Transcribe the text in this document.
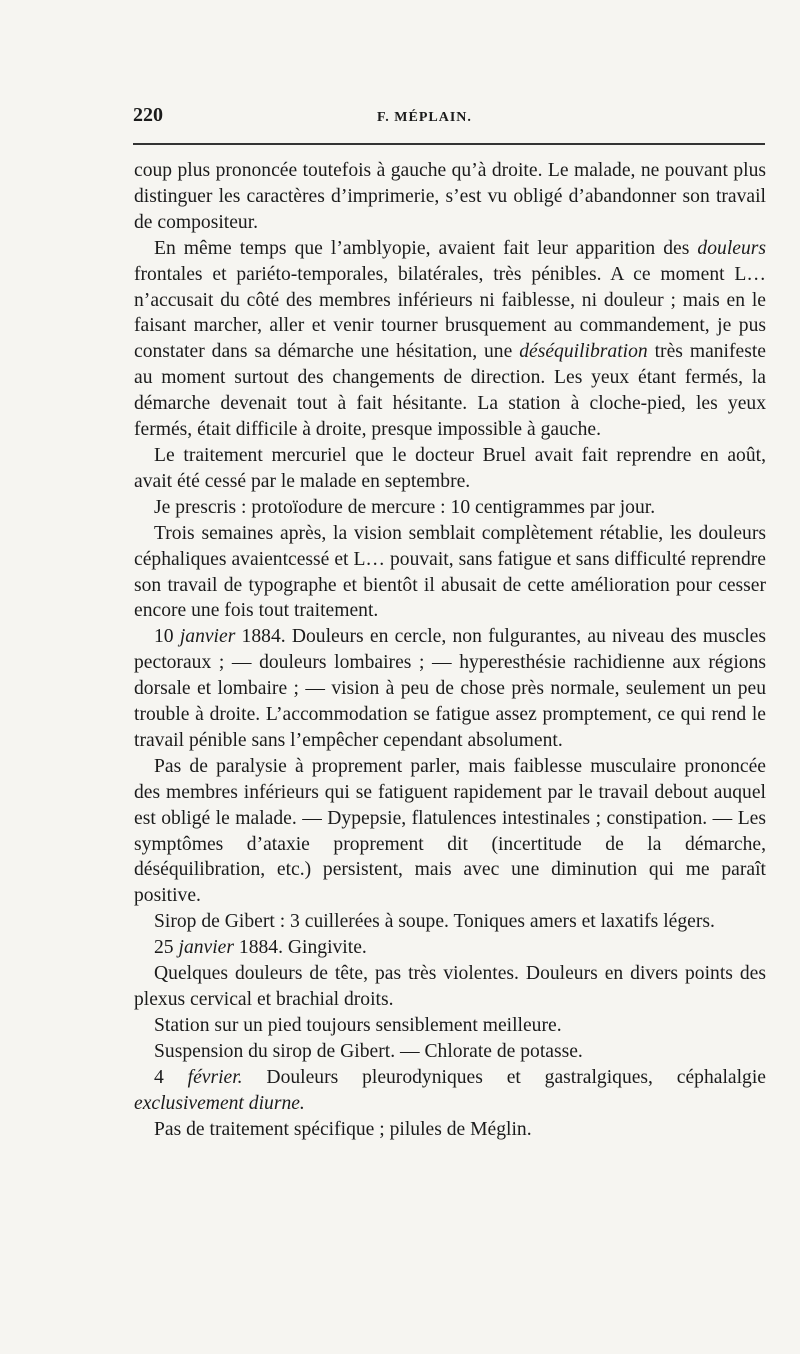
220	F. MÉPLAIN.

coup plus prononcée toutefois à gauche qu’à droite. Le malade, ne pouvant plus distinguer les caractères d’imprimerie, s’est vu obligé d’abandonner son travail de compositeur.

En même temps que l’amblyopie, avaient fait leur apparition des douleurs frontales et pariéto-temporales, bilatérales, très pénibles. A ce moment L… n’accusait du côté des membres inférieurs ni faiblesse, ni douleur ; mais en le faisant marcher, aller et venir tourner brusquement au commandement, je pus constater dans sa démarche une hésitation, une déséquilibration très manifeste au moment surtout des changements de direction. Les yeux étant fermés, la démarche devenait tout à fait hésitante. La station à cloche-pied, les yeux fermés, était difficile à droite, presque impossible à gauche.

Le traitement mercuriel que le docteur Bruel avait fait reprendre en août, avait été cessé par le malade en septembre.

Je prescris : protoïodure de mercure : 10 centigrammes par jour.

Trois semaines après, la vision semblait complètement rétablie, les douleurs céphaliques avaientcessé et L… pouvait, sans fatigue et sans difficulté reprendre son travail de typographe et bientôt il abusait de cette amélioration pour cesser encore une fois tout traitement.

10 janvier 1884. Douleurs en cercle, non fulgurantes, au niveau des muscles pectoraux ; — douleurs lombaires ; — hyperesthésie rachidienne aux régions dorsale et lombaire ; — vision à peu de chose près normale, seulement un peu trouble à droite. L’accommodation se fatigue assez promptement, ce qui rend le travail pénible sans l’empêcher cependant absolument.

Pas de paralysie à proprement parler, mais faiblesse musculaire prononcée des membres inférieurs qui se fatiguent rapidement par le travail debout auquel est obligé le malade. — Dypepsie, flatulences intestinales ; constipation. — Les symptômes d’ataxie proprement dit (incertitude de la démarche, déséquilibration, etc.) persistent, mais avec une diminution qui me paraît positive.

Sirop de Gibert : 3 cuillerées à soupe. Toniques amers et laxatifs légers.

25 janvier 1884. Gingivite.

Quelques douleurs de tête, pas très violentes. Douleurs en divers points des plexus cervical et brachial droits.

Station sur un pied toujours sensiblement meilleure.

Suspension du sirop de Gibert. — Chlorate de potasse.

4 février. Douleurs pleurodyniques et gastralgiques, céphalalgie exclusivement diurne.

Pas de traitement spécifique ; pilules de Méglin.
